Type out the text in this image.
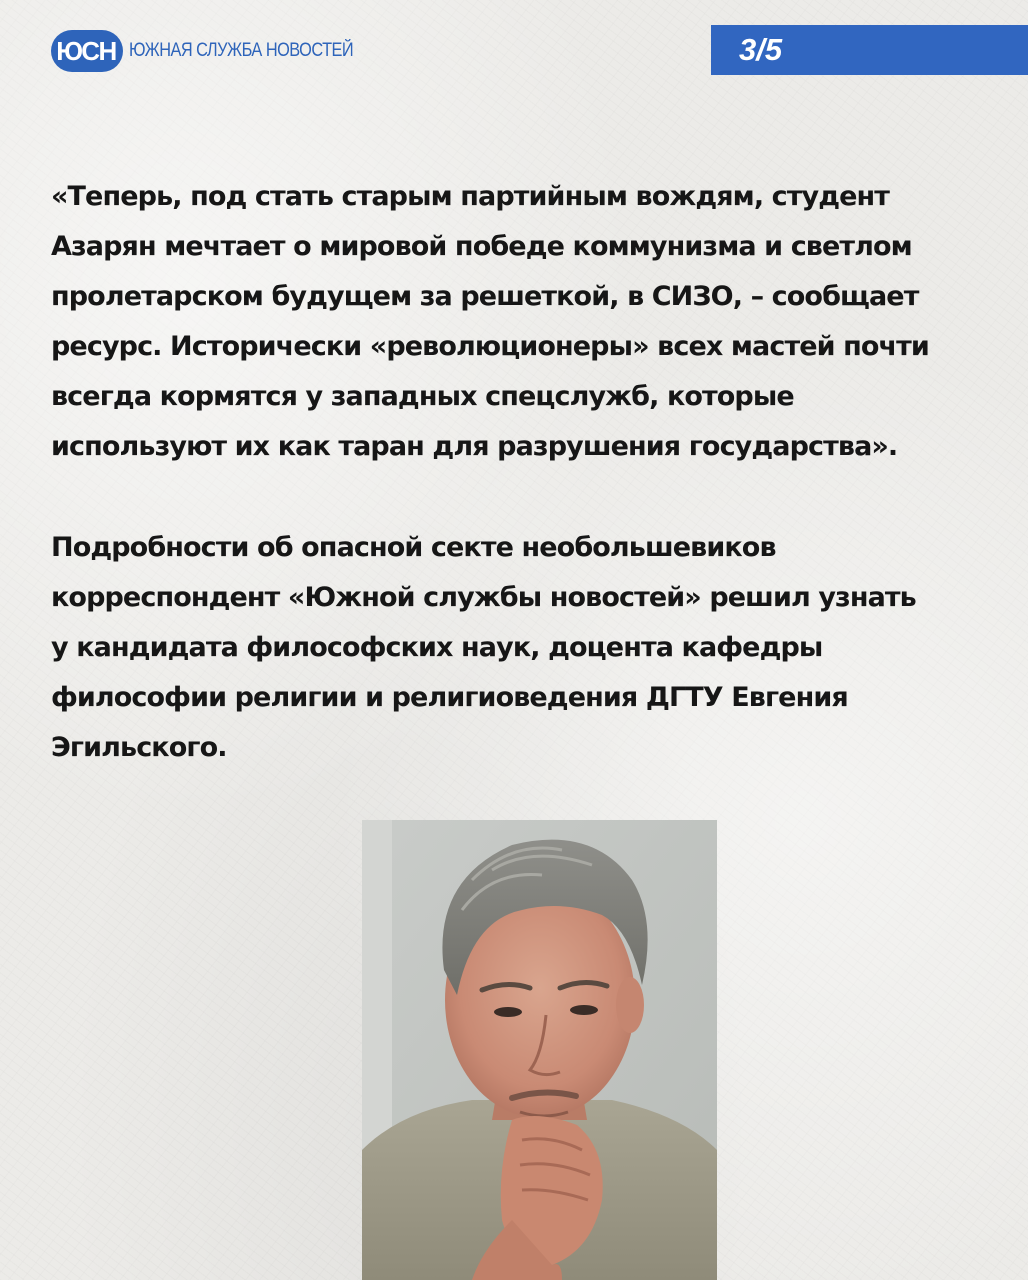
ЮСН ЮЖНАЯ СЛУЖБА НОВОСТЕЙ	3/5

«Теперь, под стать старым партийным вождям, студент
Азарян мечтает о мировой победе коммунизма и светлом
пролетарском будущем за решеткой, в СИЗО, – сообщает
ресурс. Исторически «революционеры» всех мастей почти
всегда кормятся у западных спецслужб, которые
используют их как таран для разрушения государства».

Подробности об опасной секте необольшевиков
корреспондент «Южной службы новостей» решил узнать
у кандидата философских наук, доцента кафедры
философии религии и религиоведения ДГТУ Евгения
Эгильского.
